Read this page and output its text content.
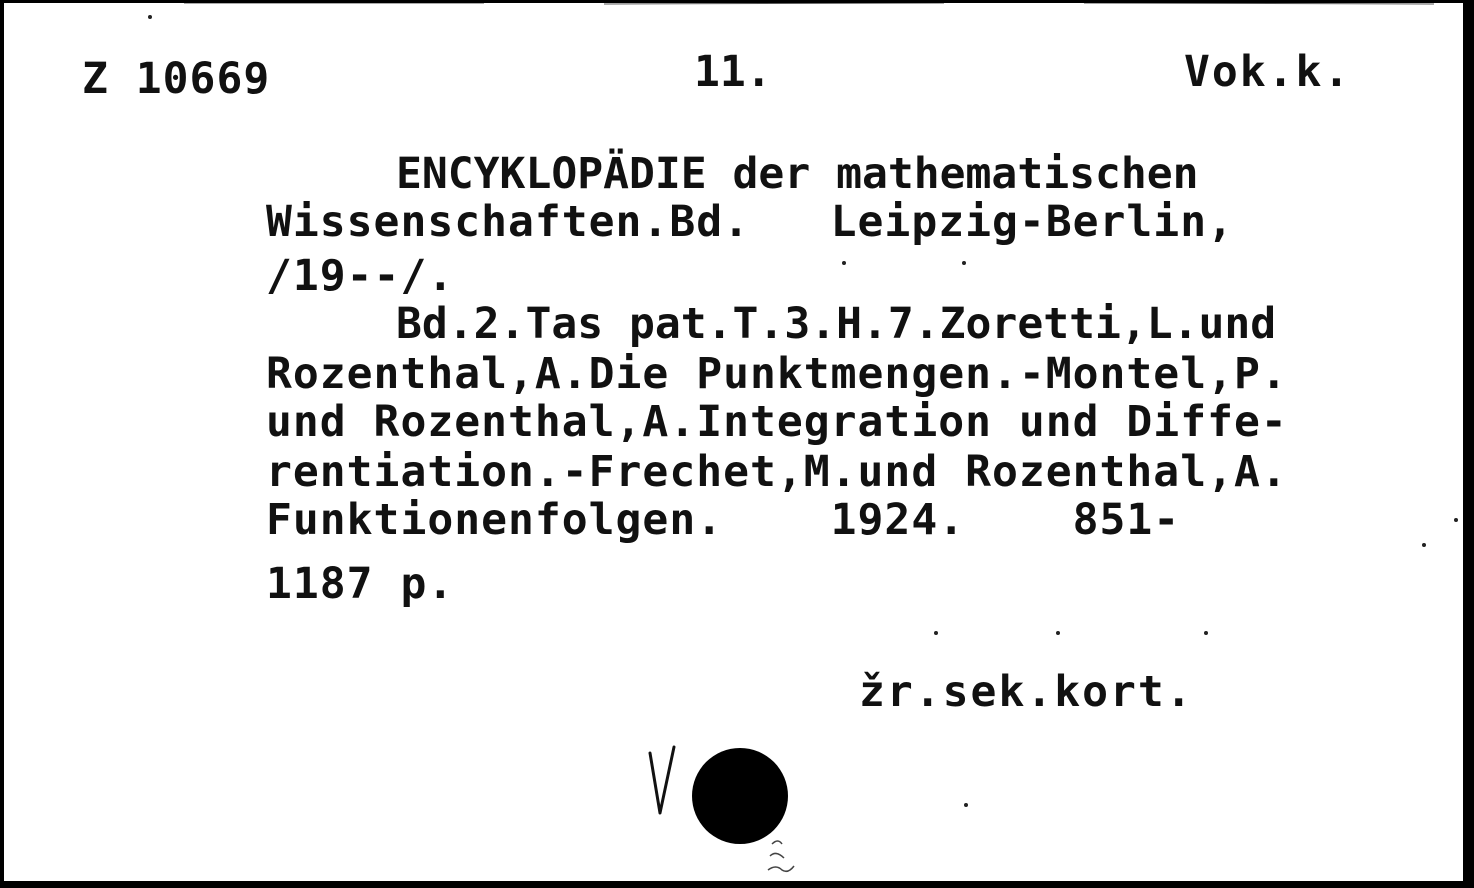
Z 10669	11.	Vok.k.
ENCYKLOPÄDIE der mathematischen
Wissenschaften.Bd.   Leipzig-Berlin,
/19--/.
Bd.2.Tas pat.T.3.H.7.Zoretti,L.und
Rozenthal,A.Die Punktmengen.-Montel,P.
und Rozenthal,A.Integration und Diffe-
rentiation.-Frechet,M.und Rozenthal,A.
Funktionenfolgen.    1924.    851-
1187 p.
žr.sek.kort.
